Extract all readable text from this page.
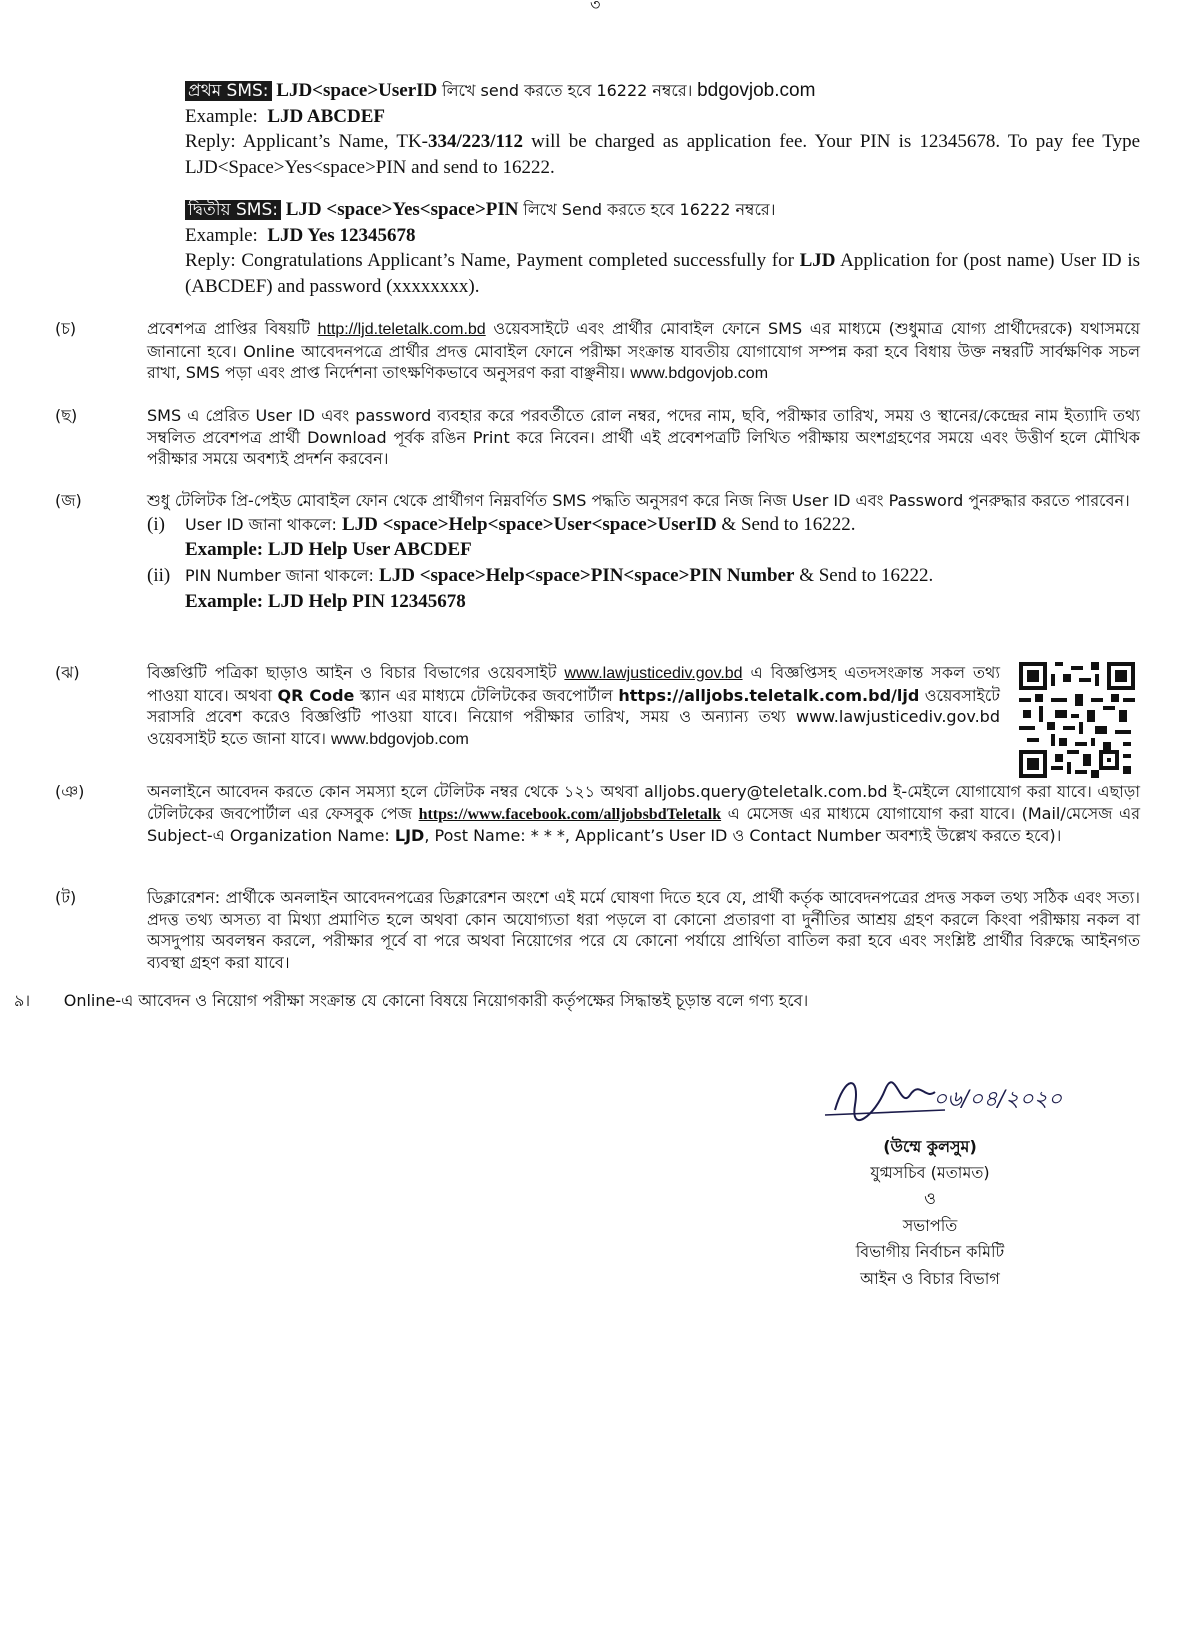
৩
প্রথম SMS: LJD<space>UserID লিখে send করতে হবে 16222 নম্বরে। bdgovjob.com
Example: LJD ABCDEF
Reply: Applicant’s Name, TK-334/223/112 will be charged as application fee. Your PIN is 12345678. To pay fee Type LJD<Space>Yes<space>PIN and send to 16222.
দ্বিতীয় SMS: LJD <space>Yes<space>PIN লিখে Send করতে হবে 16222 নম্বরে।
Example: LJD Yes 12345678
Reply: Congratulations Applicant’s Name, Payment completed successfully for LJD Application for (post name) User ID is (ABCDEF) and password (xxxxxxxx).
(চ)	প্রবেশপত্র প্রাপ্তির বিষয়টি http://ljd.teletalk.com.bd ওয়েবসাইটে এবং প্রার্থীর মোবাইল ফোনে SMS এর মাধ্যমে (শুধুমাত্র যোগ্য প্রার্থীদেরকে) যথাসময়ে জানানো হবে। Online আবেদনপত্রে প্রার্থীর প্রদত্ত মোবাইল ফোনে পরীক্ষা সংক্রান্ত যাবতীয় যোগাযোগ সম্পন্ন করা হবে বিধায় উক্ত নম্বরটি সার্বক্ষণিক সচল রাখা, SMS পড়া এবং প্রাপ্ত নির্দেশনা তাৎক্ষণিকভাবে অনুসরণ করা বাঞ্ছনীয়। www.bdgovjob.com
(ছ)	SMS এ প্রেরিত User ID এবং password ব্যবহার করে পরবর্তীতে রোল নম্বর, পদের নাম, ছবি, পরীক্ষার তারিখ, সময় ও স্থানের/কেন্দ্রের নাম ইত্যাদি তথ্য সম্বলিত প্রবেশপত্র প্রার্থী Download পূর্বক রঙিন Print করে নিবেন। প্রার্থী এই প্রবেশপত্রটি লিখিত পরীক্ষায় অংশগ্রহণের সময়ে এবং উত্তীর্ণ হলে মৌখিক পরীক্ষার সময়ে অবশ্যই প্রদর্শন করবেন।
(জ)	শুধু টেলিটক প্রি-পেইড মোবাইল ফোন থেকে প্রার্থীগণ নিম্নবর্ণিত SMS পদ্ধতি অনুসরণ করে নিজ নিজ User ID এবং Password পুনরুদ্ধার করতে পারবেন।
(i)	User ID জানা থাকলে: LJD <space>Help<space>User<space>UserID & Send to 16222.
Example: LJD Help User ABCDEF
(ii) PIN Number জানা থাকলে: LJD <space>Help<space>PIN<space>PIN Number & Send to 16222.
Example: LJD Help PIN 12345678
(ঝ)	বিজ্ঞপ্তিটি পত্রিকা ছাড়াও আইন ও বিচার বিভাগের ওয়েবসাইট www.lawjusticediv.gov.bd এ বিজ্ঞপ্তিসহ এতদসংক্রান্ত সকল তথ্য পাওয়া যাবে। অথবা QR Code স্ক্যান এর মাধ্যমে টেলিটকের জবপোর্টাল https://alljobs.teletalk.com.bd/ljd ওয়েবসাইটে সরাসরি প্রবেশ করেও বিজ্ঞপ্তিটি পাওয়া যাবে। নিয়োগ পরীক্ষার তারিখ, সময় ও অন্যান্য তথ্য www.lawjusticediv.gov.bd ওয়েবসাইট হতে জানা যাবে। www.bdgovjob.com
(ঞ)	অনলাইনে আবেদন করতে কোন সমস্যা হলে টেলিটক নম্বর থেকে ১২১ অথবা alljobs.query@teletalk.com.bd ই-মেইলে যোগাযোগ করা যাবে। এছাড়া টেলিটকের জবপোর্টাল এর ফেসবুক পেজ https://www.facebook.com/alljobsbdTeletalk এ মেসেজ এর মাধ্যমে যোগাযোগ করা যাবে। (Mail/মেসেজ এর Subject-এ Organization Name: LJD, Post Name: * * *, Applicant’s User ID ও Contact Number অবশ্যই উল্লেখ করতে হবে)।
(ট)	ডিক্লারেশন: প্রার্থীকে অনলাইন আবেদনপত্রের ডিক্লারেশন অংশে এই মর্মে ঘোষণা দিতে হবে যে, প্রার্থী কর্তৃক আবেদনপত্রের প্রদত্ত সকল তথ্য সঠিক এবং সত্য। প্রদত্ত তথ্য অসত্য বা মিথ্যা প্রমাণিত হলে অথবা কোন অযোগ্যতা ধরা পড়লে বা কোনো প্রতারণা বা দুর্নীতির আশ্রয় গ্রহণ করলে কিংবা পরীক্ষায় নকল বা অসদুপায় অবলম্বন করলে, পরীক্ষার পূর্বে বা পরে অথবা নিয়োগের পরে যে কোনো পর্যায়ে প্রার্থিতা বাতিল করা হবে এবং সংশ্লিষ্ট প্রার্থীর বিরুদ্ধে আইনগত ব্যবস্থা গ্রহণ করা যাবে।
৯। Online-এ আবেদন ও নিয়োগ পরীক্ষা সংক্রান্ত যে কোনো বিষয়ে নিয়োগকারী কর্তৃপক্ষের সিদ্ধান্তই চূড়ান্ত বলে গণ্য হবে।
০৬/০৪/২০২০
(উম্মে কুলসুম)
যুগ্মসচিব (মতামত)
ও
সভাপতি
বিভাগীয় নির্বাচন কমিটি
আইন ও বিচার বিভাগ
